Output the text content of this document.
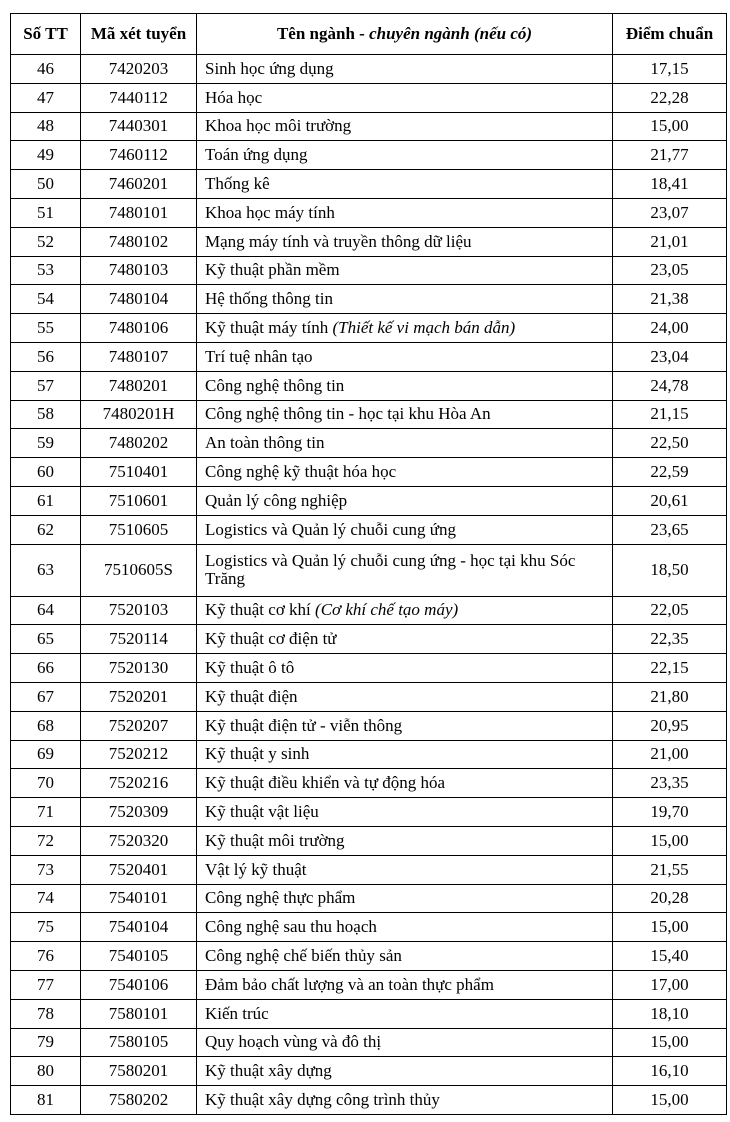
Số TT	Mã xét tuyển	Tên ngành - chuyên ngành (nếu có)	Điểm chuẩn
46	7420203	Sinh học ứng dụng	17,15
47	7440112	Hóa học	22,28
48	7440301	Khoa học môi trường	15,00
49	7460112	Toán ứng dụng	21,77
50	7460201	Thống kê	18,41
51	7480101	Khoa học máy tính	23,07
52	7480102	Mạng máy tính và truyền thông dữ liệu	21,01
53	7480103	Kỹ thuật phần mềm	23,05
54	7480104	Hệ thống thông tin	21,38
55	7480106	Kỹ thuật máy tính (Thiết kế vi mạch bán dẫn)	24,00
56	7480107	Trí tuệ nhân tạo	23,04
57	7480201	Công nghệ thông tin	24,78
58	7480201H	Công nghệ thông tin - học tại khu Hòa An	21,15
59	7480202	An toàn thông tin	22,50
60	7510401	Công nghệ kỹ thuật hóa học	22,59
61	7510601	Quản lý công nghiệp	20,61
62	7510605	Logistics và Quản lý chuỗi cung ứng	23,65
63	7510605S	Logistics và Quản lý chuỗi cung ứng - học tại khu Sóc Trăng	18,50
64	7520103	Kỹ thuật cơ khí (Cơ khí chế tạo máy)	22,05
65	7520114	Kỹ thuật cơ điện tử	22,35
66	7520130	Kỹ thuật ô tô	22,15
67	7520201	Kỹ thuật điện	21,80
68	7520207	Kỹ thuật điện tử - viễn thông	20,95
69	7520212	Kỹ thuật y sinh	21,00
70	7520216	Kỹ thuật điều khiển và tự động hóa	23,35
71	7520309	Kỹ thuật vật liệu	19,70
72	7520320	Kỹ thuật môi trường	15,00
73	7520401	Vật lý kỹ thuật	21,55
74	7540101	Công nghệ thực phẩm	20,28
75	7540104	Công nghệ sau thu hoạch	15,00
76	7540105	Công nghệ chế biến thủy sản	15,40
77	7540106	Đảm bảo chất lượng và an toàn thực phẩm	17,00
78	7580101	Kiến trúc	18,10
79	7580105	Quy hoạch vùng và đô thị	15,00
80	7580201	Kỹ thuật xây dựng	16,10
81	7580202	Kỹ thuật xây dựng công trình thủy	15,00
